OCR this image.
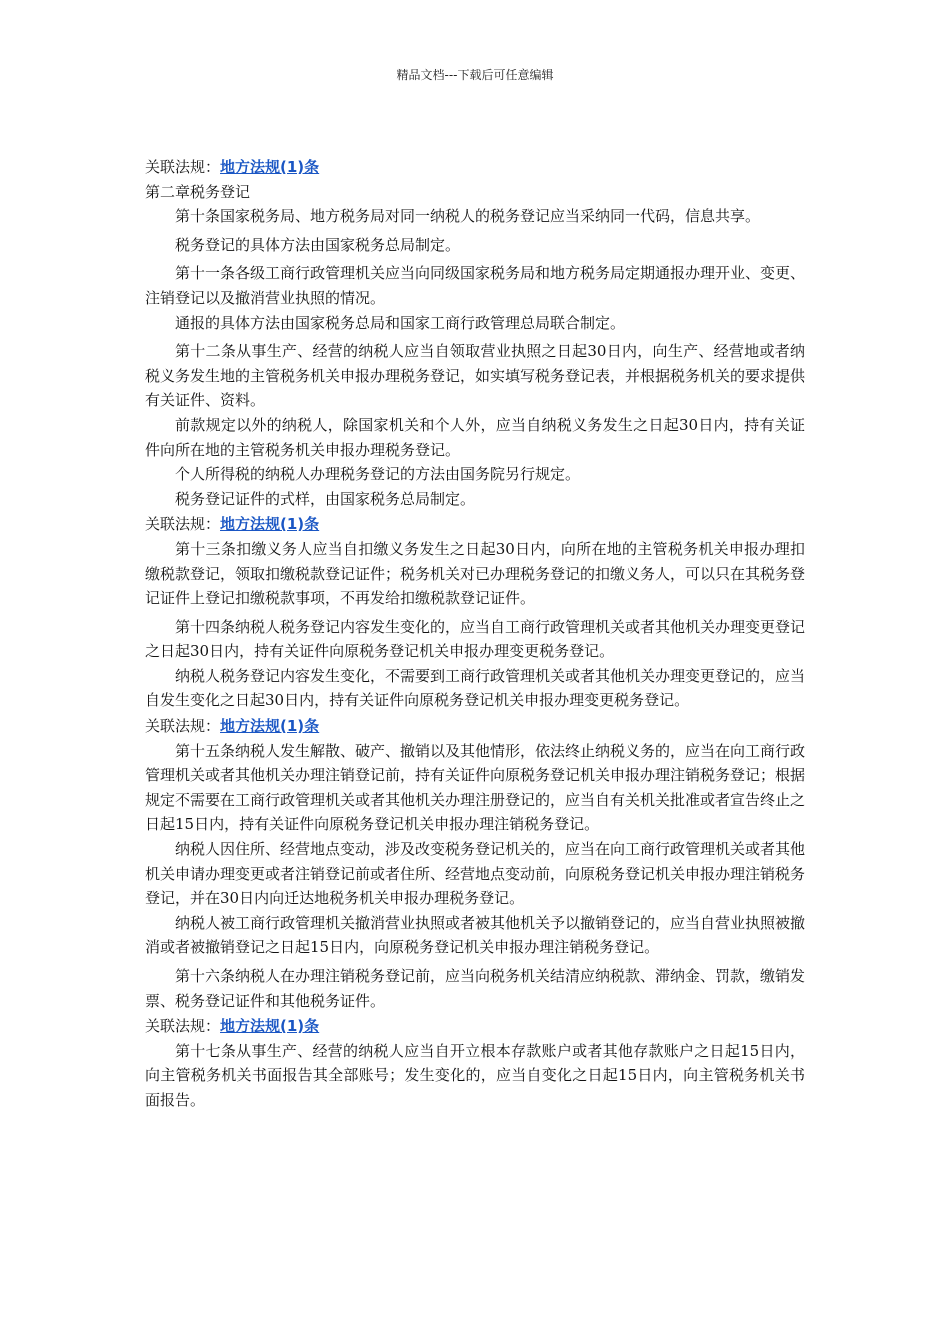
精品文档---下载后可任意编辑

关联法规：地方法规(1)条

第二章税务登记

第十条国家税务局、地方税务局对同一纳税人的税务登记应当采纳同一代码，信息共享。

税务登记的具体方法由国家税务总局制定。

第十一条各级工商行政管理机关应当向同级国家税务局和地方税务局定期通报办理开业、变更、注销登记以及撤消营业执照的情况。

通报的具体方法由国家税务总局和国家工商行政管理总局联合制定。

第十二条从事生产、经营的纳税人应当自领取营业执照之日起30日内，向生产、经营地或者纳税义务发生地的主管税务机关申报办理税务登记，如实填写税务登记表，并根据税务机关的要求提供有关证件、资料。

前款规定以外的纳税人，除国家机关和个人外，应当自纳税义务发生之日起30日内，持有关证件向所在地的主管税务机关申报办理税务登记。

个人所得税的纳税人办理税务登记的方法由国务院另行规定。

税务登记证件的式样，由国家税务总局制定。

关联法规：地方法规(1)条

第十三条扣缴义务人应当自扣缴义务发生之日起30日内，向所在地的主管税务机关申报办理扣缴税款登记，领取扣缴税款登记证件；税务机关对已办理税务登记的扣缴义务人，可以只在其税务登记证件上登记扣缴税款事项，不再发给扣缴税款登记证件。

第十四条纳税人税务登记内容发生变化的，应当自工商行政管理机关或者其他机关办理变更登记之日起30日内，持有关证件向原税务登记机关申报办理变更税务登记。

纳税人税务登记内容发生变化，不需要到工商行政管理机关或者其他机关办理变更登记的，应当自发生变化之日起30日内，持有关证件向原税务登记机关申报办理变更税务登记。

关联法规：地方法规(1)条

第十五条纳税人发生解散、破产、撤销以及其他情形，依法终止纳税义务的，应当在向工商行政管理机关或者其他机关办理注销登记前，持有关证件向原税务登记机关申报办理注销税务登记；根据规定不需要在工商行政管理机关或者其他机关办理注册登记的，应当自有关机关批准或者宣告终止之日起15日内，持有关证件向原税务登记机关申报办理注销税务登记。

纳税人因住所、经营地点变动，涉及改变税务登记机关的，应当在向工商行政管理机关或者其他机关申请办理变更或者注销登记前或者住所、经营地点变动前，向原税务登记机关申报办理注销税务登记，并在30日内向迁达地税务机关申报办理税务登记。

纳税人被工商行政管理机关撤消营业执照或者被其他机关予以撤销登记的，应当自营业执照被撤消或者被撤销登记之日起15日内，向原税务登记机关申报办理注销税务登记。

第十六条纳税人在办理注销税务登记前，应当向税务机关结清应纳税款、滞纳金、罚款，缴销发票、税务登记证件和其他税务证件。

关联法规：地方法规(1)条

第十七条从事生产、经营的纳税人应当自开立根本存款账户或者其他存款账户之日起15日内，向主管税务机关书面报告其全部账号；发生变化的，应当自变化之日起15日内，向主管税务机关书面报告。
